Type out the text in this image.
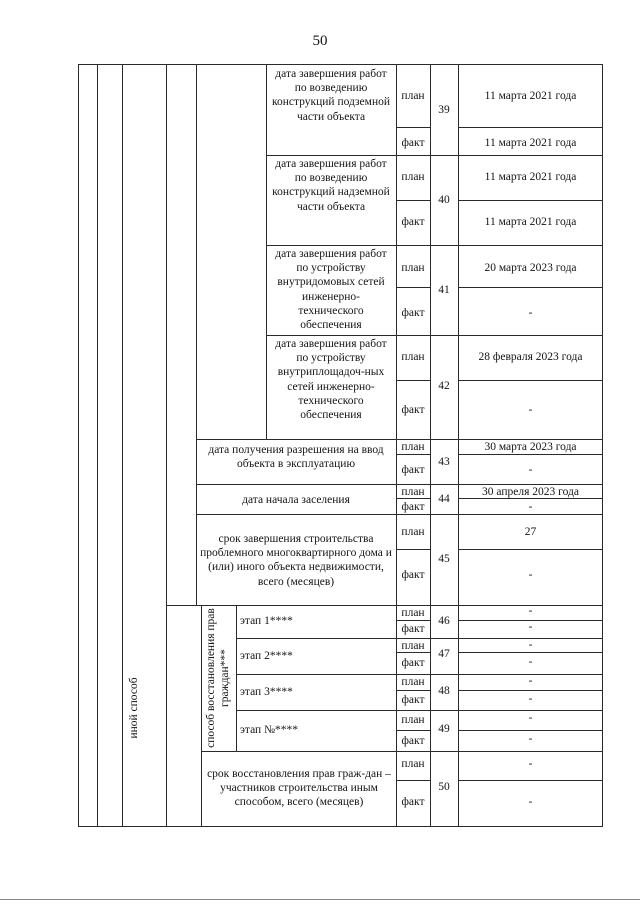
50
иной способ	способ восстановления прав граждан***
дата завершения работ по возведению конструкций подземной части объекта
план
факт
39
11 марта 2021 года
11 марта 2021 года
дата завершения работ по возведению конструкций надземной части объекта
план
факт
40
11 марта 2021 года
11 марта 2021 года
дата завершения работ по устройству внутридомовых сетей инженерно-технического обеспечения
план
факт
41
20 марта 2023 года
-
дата завершения работ по устройству внутриплощадоч-ных сетей инженерно-технического обеспечения
план
факт
42
28 февраля 2023 года
-
дата получения разрешения на ввод объекта в эксплуатацию
план
факт
43
30 марта 2023 года
-
дата начала заселения
план
факт
44
30 апреля 2023 года
-
срок завершения строительства проблемного многоквартирного дома и (или) иного объекта недвижимости, всего (месяцев)
план
факт
45
27
-
этап 1****
план
факт
46
-
-
этап 2****
план
факт
47
-
-
этап 3****
план
факт
48
-
-
этап №****
план
факт
49
-
-
срок восстановления прав граж-дан – участников строительства иным способом, всего (месяцев)
план
факт
50
-
-
